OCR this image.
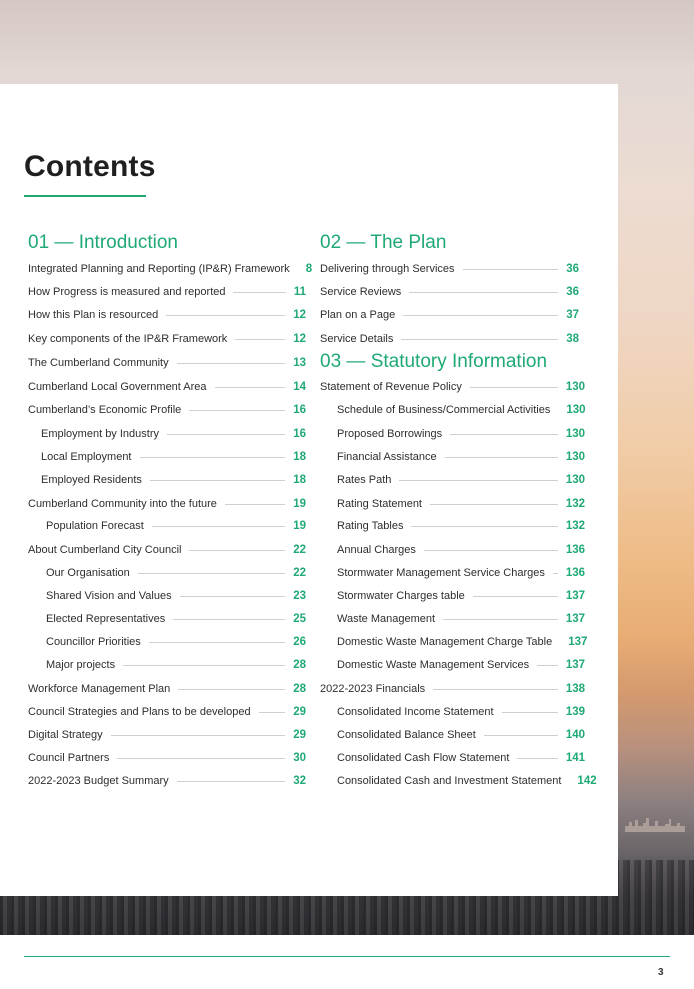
Contents
01 — Introduction
Integrated Planning and Reporting (IP&R) Framework 8
How Progress is measured and reported	11
How this Plan is resourced	12
Key components of the IP&R Framework	12
The Cumberland Community	13
Cumberland Local Government Area	14
Cumberland’s Economic Profile	16
Employment by Industry	16
Local Employment	18
Employed Residents	18
Cumberland Community into the future	19
Population Forecast	19
About Cumberland City Council	22
Our Organisation	22
Shared Vision and Values	23
Elected Representatives	25
Councillor Priorities	26
Major projects	28
Workforce Management Plan	28
Council Strategies and Plans to be developed	29
Digital Strategy	29
Council Partners	30
2022-2023 Budget Summary	32
02 — The Plan
Delivering through Services	36
Service Reviews	36
Plan on a Page	37
Service Details	38
03 — Statutory Information
Statement of Revenue Policy	130
Schedule of Business/Commercial Activities 130
Proposed Borrowings	130
Financial Assistance	130
Rates Path	130
Rating Statement	132
Rating Tables	132
Annual Charges	136
Stormwater Management Service Charges 136
Stormwater Charges table	137
Waste Management	137
Domestic Waste Management Charge Table 137
Domestic Waste Management Services	137
2022-2023 Financials	138
Consolidated Income Statement	139
Consolidated Balance Sheet	140
Consolidated Cash Flow Statement	141
Consolidated Cash and Investment Statement 142
3
